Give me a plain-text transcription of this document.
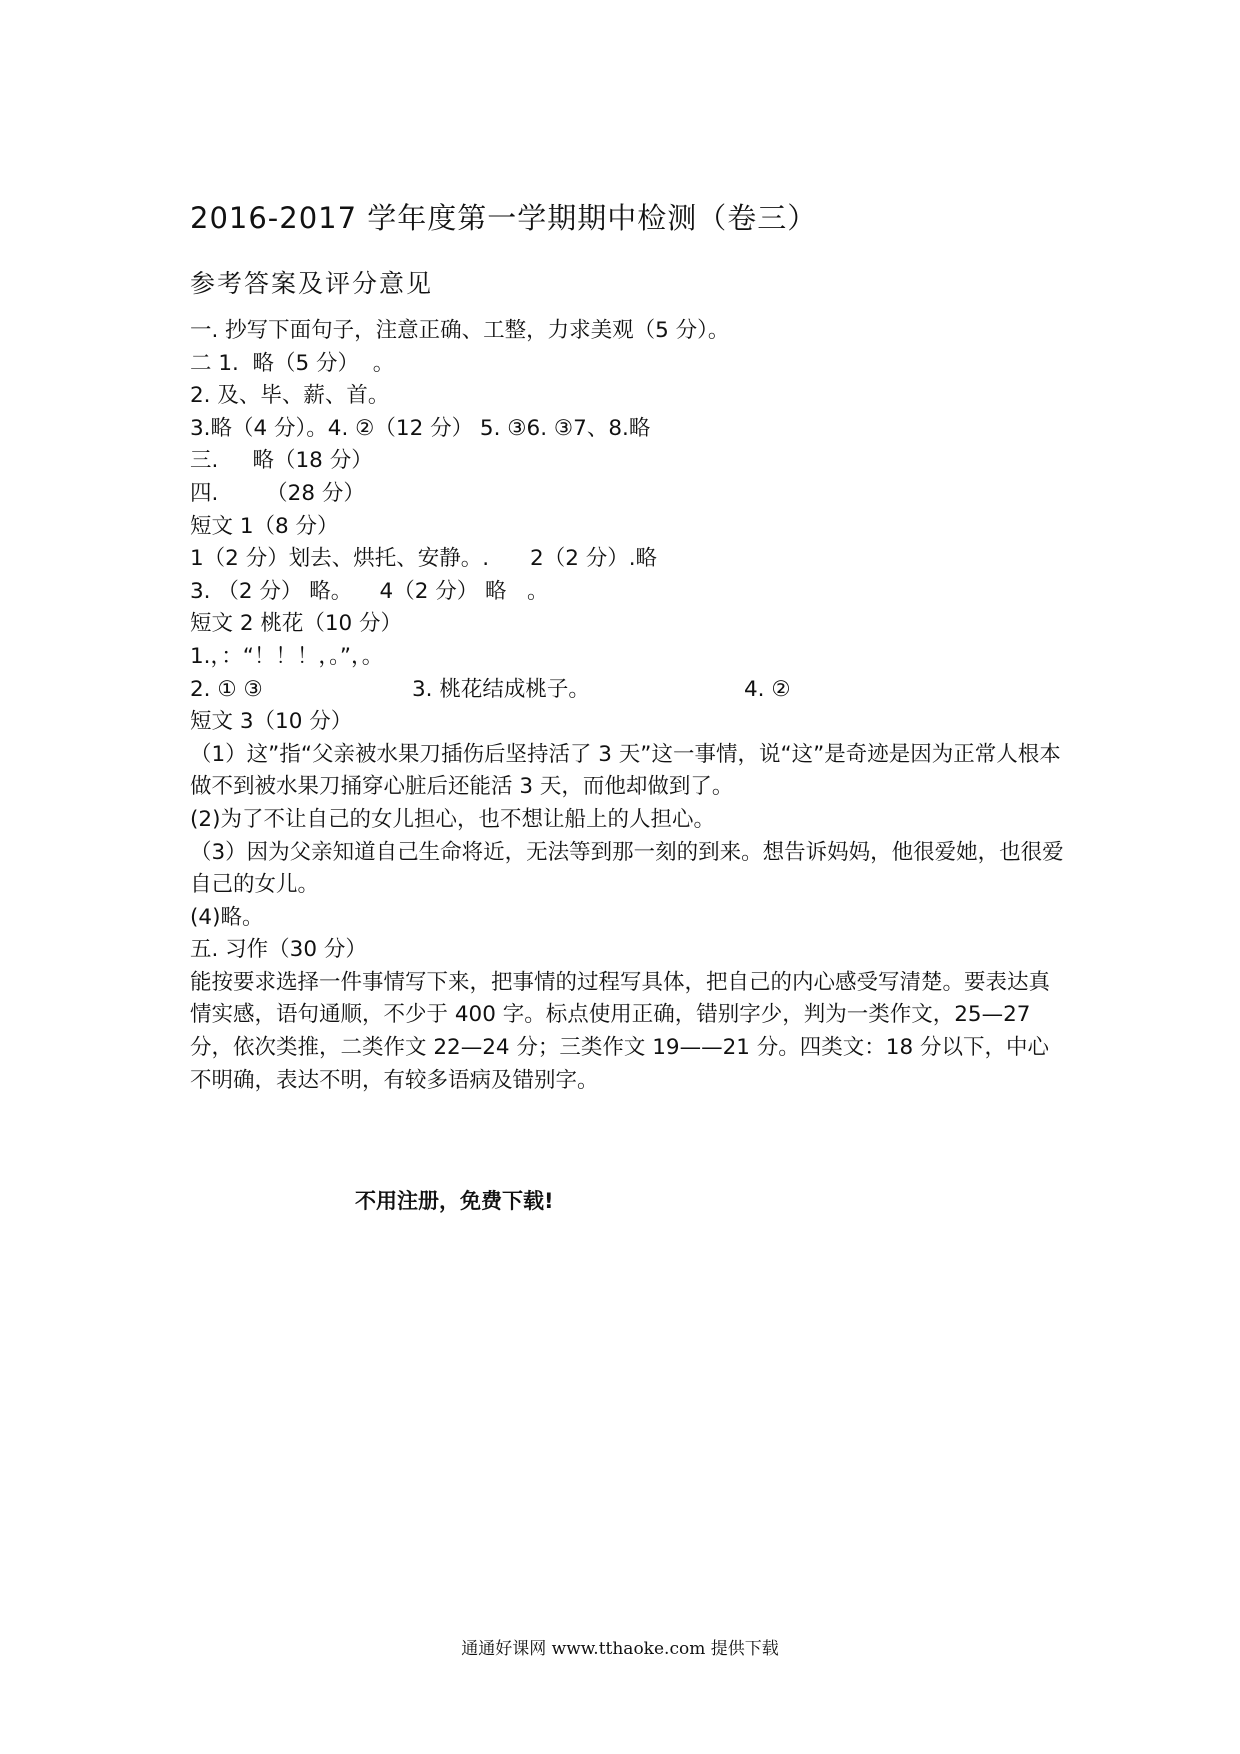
2016-2017 学年度第一学期期中检测（卷三）
参考答案及评分意见
一. 抄写下面句子，注意正确、工整，力求美观（5 分）。
二 1.  略（5 分）  。
2. 及、毕、薪、首。
3.略（4 分）。4. ②（12 分） 5. ③6. ③7、8.略
三.     略（18 分）
四.       （28 分）
短文 1（8 分）
1（2 分）划去、烘托、安静。.      2（2 分）.略
3. （2 分） 略。    4（2 分） 略   。
短文 2 桃花（10 分）
1.，：“！！！，。”，。
2. ① ③	3. 桃花结成桃子。	4. ②
短文 3（10 分）
（1）这”指“父亲被水果刀插伤后坚持活了 3 天”这一事情，说“这”是奇迹是因为正常人根本做不到被水果刀捅穿心脏后还能活 3 天，而他却做到了。
(2)为了不让自己的女儿担心，也不想让船上的人担心。
（3）因为父亲知道自己生命将近，无法等到那一刻的到来。想告诉妈妈，他很爱她，也很爱自己的女儿。
(4)略。
五. 习作（30 分）
能按要求选择一件事情写下来，把事情的过程写具体，把自己的内心感受写清楚。要表达真情实感，语句通顺，不少于 400 字。标点使用正确，错别字少，判为一类作文，25—27 分，依次类推，二类作文 22—24 分；三类作文 19——21 分。四类文：18 分以下，中心不明确，表达不明，有较多语病及错别字。
不用注册，免费下载!
通通好课网 www.tthaoke.com 提供下载
